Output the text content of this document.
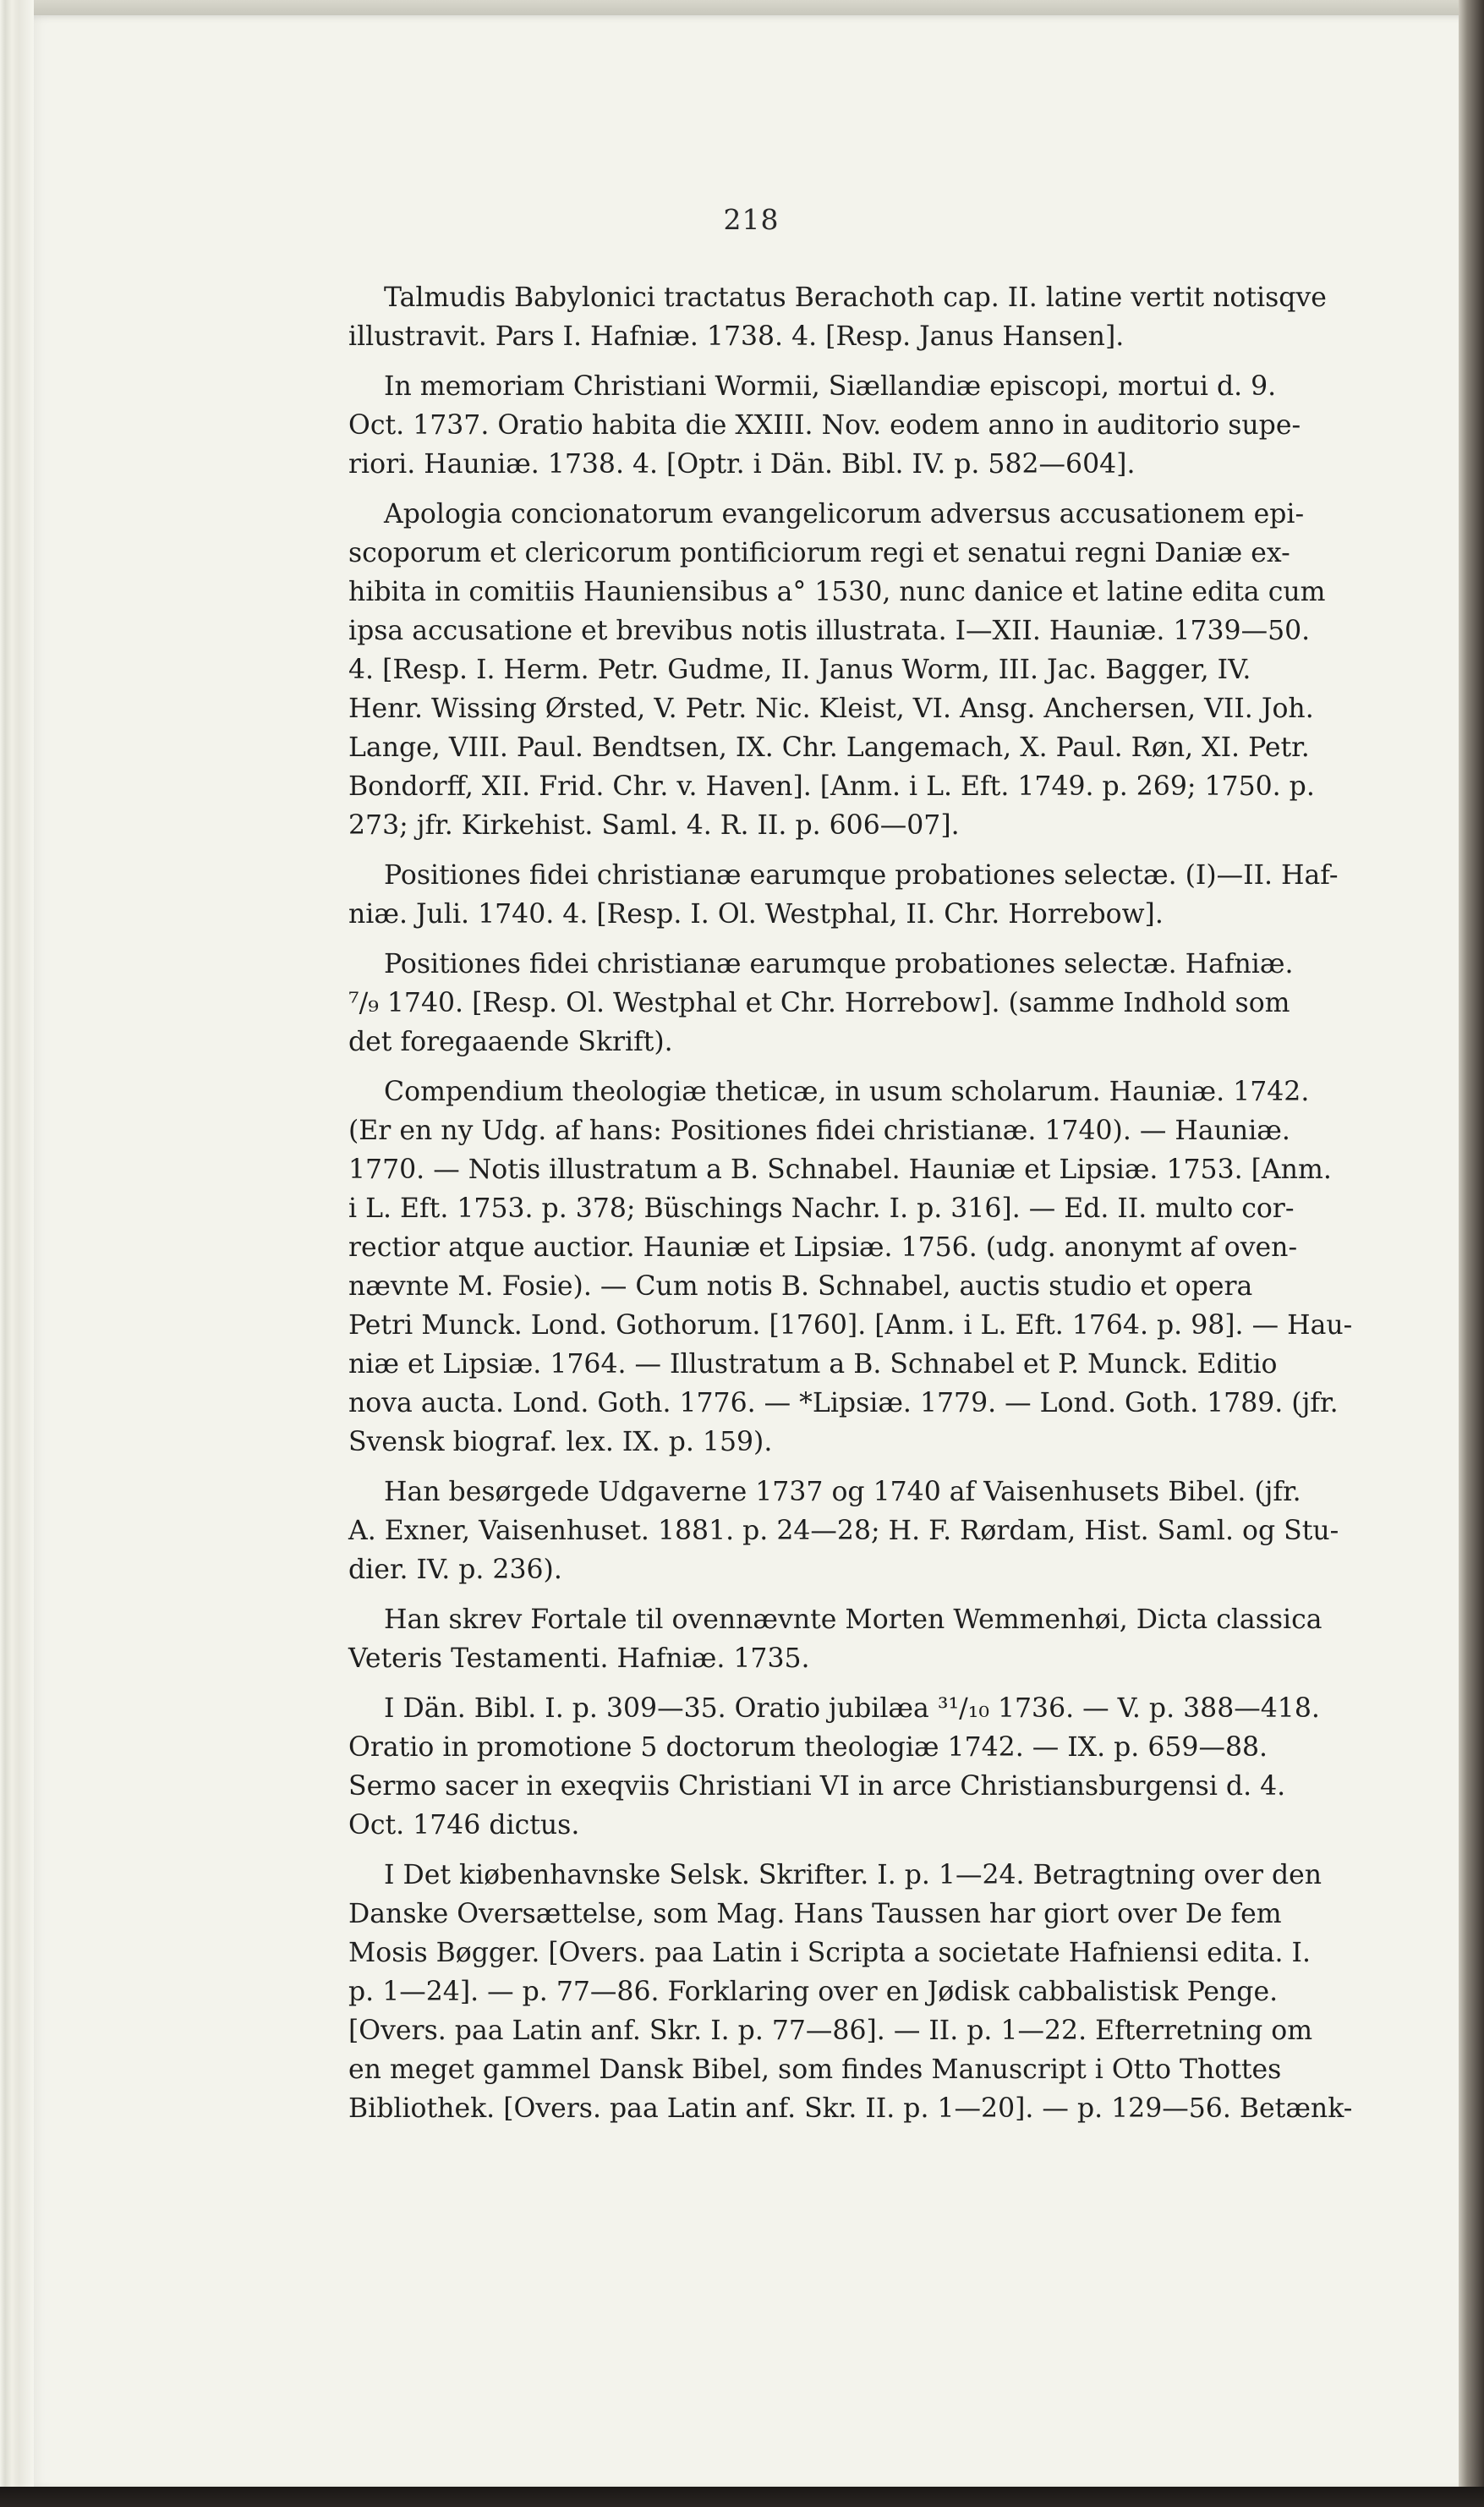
218

Talmudis Babylonici tractatus Berachoth cap. II. latine vertit notisqve
illustravit. Pars I. Hafniæ. 1738. 4. [Resp. Janus Hansen].

In memoriam Christiani Wormii, Siællandiæ episcopi, mortui d. 9.
Oct. 1737. Oratio habita die XXIII. Nov. eodem anno in auditorio supe-
riori. Hauniæ. 1738. 4. [Optr. i Dän. Bibl. IV. p. 582—604].

Apologia concionatorum evangelicorum adversus accusationem epi-
scoporum et clericorum pontificiorum regi et senatui regni Daniæ ex-
hibita in comitiis Hauniensibus a° 1530, nunc danice et latine edita cum
ipsa accusatione et brevibus notis illustrata. I—XII. Hauniæ. 1739—50.
4. [Resp. I. Herm. Petr. Gudme, II. Janus Worm, III. Jac. Bagger, IV.
Henr. Wissing Ørsted, V. Petr. Nic. Kleist, VI. Ansg. Anchersen, VII. Joh.
Lange, VIII. Paul. Bendtsen, IX. Chr. Langemach, X. Paul. Røn, XI. Petr.
Bondorff, XII. Frid. Chr. v. Haven]. [Anm. i L. Eft. 1749. p. 269; 1750. p.
273; jfr. Kirkehist. Saml. 4. R. II. p. 606—07].

Positiones fidei christianæ earumque probationes selectæ. (I)—II. Haf-
niæ. Juli. 1740. 4. [Resp. I. Ol. Westphal, II. Chr. Horrebow].

Positiones fidei christianæ earumque probationes selectæ. Hafniæ.
⁷/₉ 1740. [Resp. Ol. Westphal et Chr. Horrebow]. (samme Indhold som
det foregaaende Skrift).

Compendium theologiæ theticæ, in usum scholarum. Hauniæ. 1742.
(Er en ny Udg. af hans: Positiones fidei christianæ. 1740). — Hauniæ.
1770. — Notis illustratum a B. Schnabel. Hauniæ et Lipsiæ. 1753. [Anm.
i L. Eft. 1753. p. 378; Büschings Nachr. I. p. 316]. — Ed. II. multo cor-
rectior atque auctior. Hauniæ et Lipsiæ. 1756. (udg. anonymt af oven-
nævnte M. Fosie). — Cum notis B. Schnabel, auctis studio et opera
Petri Munck. Lond. Gothorum. [1760]. [Anm. i L. Eft. 1764. p. 98]. — Hau-
niæ et Lipsiæ. 1764. — Illustratum a B. Schnabel et P. Munck. Editio
nova aucta. Lond. Goth. 1776. — *Lipsiæ. 1779. — Lond. Goth. 1789. (jfr.
Svensk biograf. lex. IX. p. 159).

Han besørgede Udgaverne 1737 og 1740 af Vaisenhusets Bibel. (jfr.
A. Exner, Vaisenhuset. 1881. p. 24—28; H. F. Rørdam, Hist. Saml. og Stu-
dier. IV. p. 236).

Han skrev Fortale til ovennævnte Morten Wemmenhøi, Dicta classica
Veteris Testamenti. Hafniæ. 1735.

I Dän. Bibl. I. p. 309—35. Oratio jubilæa ³¹/₁₀ 1736. — V. p. 388—418.
Oratio in promotione 5 doctorum theologiæ 1742. — IX. p. 659—88.
Sermo sacer in exeqviis Christiani VI in arce Christiansburgensi d. 4.
Oct. 1746 dictus.

I Det kiøbenhavnske Selsk. Skrifter. I. p. 1—24. Betragtning over den
Danske Oversættelse, som Mag. Hans Taussen har giort over De fem
Mosis Bøgger. [Overs. paa Latin i Scripta a societate Hafniensi edita. I.
p. 1—24]. — p. 77—86. Forklaring over en Jødisk cabbalistisk Penge.
[Overs. paa Latin anf. Skr. I. p. 77—86]. — II. p. 1—22. Efterretning om
en meget gammel Dansk Bibel, som findes Manuscript i Otto Thottes
Bibliothek. [Overs. paa Latin anf. Skr. II. p. 1—20]. — p. 129—56. Betænk-
